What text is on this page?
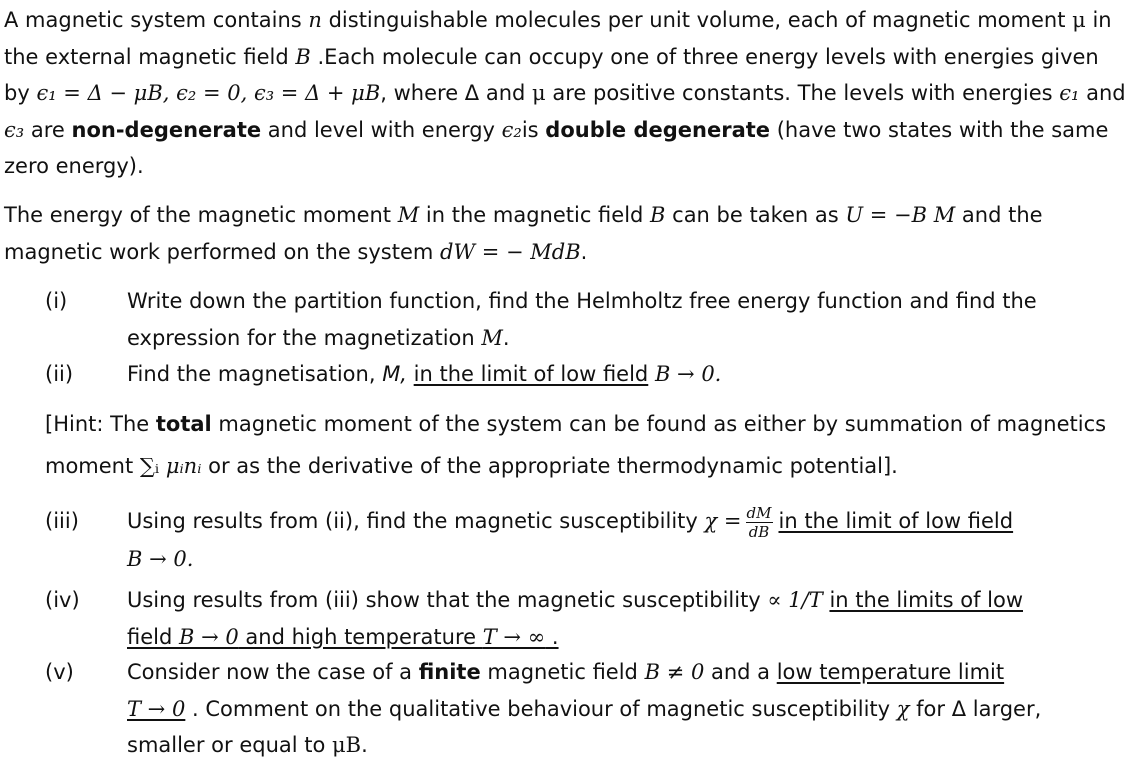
A magnetic system contains n distinguishable molecules per unit volume, each of magnetic moment μ in the external magnetic field B .Each molecule can occupy one of three energy levels with energies given by ϵ₁ = Δ − μB, ϵ₂ = 0, ϵ₃ = Δ + μB, where Δ and μ are positive constants. The levels with energies ϵ₁ and ϵ₃ are non-degenerate and level with energy ϵ₂is double degenerate (have two states with the same zero energy).
The energy of the magnetic moment M in the magnetic field B can be taken as U = −B M and the magnetic work performed on the system dW = − MdB.
(i)	Write down the partition function, find the Helmholtz free energy function and find the expression for the magnetization M.
(ii)	Find the magnetisation, M, in the limit of low field B → 0.
[Hint: The total magnetic moment of the system can be found as either by summation of magnetics moment ∑ᵢ μᵢnᵢ or as the derivative of the appropriate thermodynamic potential].
(iii) Using results from (ii), find the magnetic susceptibility $\chi = \frac{dM}{dB}$ in the limit of low field
B → 0.
(iv) Using results from (iii) show that the magnetic susceptibility ∝ 1/T in the limits of low
field B → 0 and high temperature T → ∞ .
(v)	Consider now the case of a finite magnetic field B ≠ 0 and a low temperature limit
T → 0 . Comment on the qualitative behaviour of magnetic susceptibility χ for Δ larger,
smaller or equal to μB.
